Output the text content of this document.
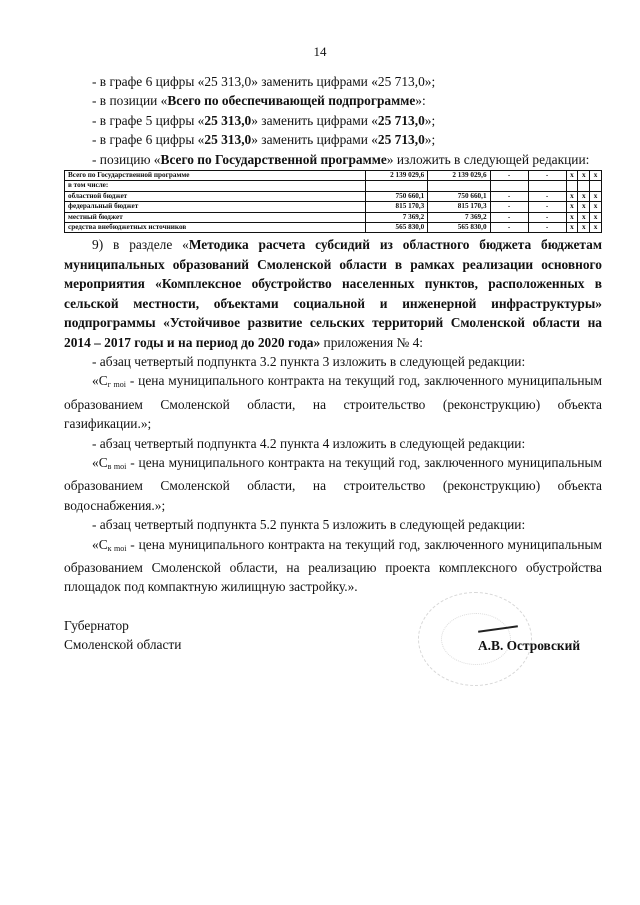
14

- в графе 6 цифры «25 313,0» заменить цифрами «25 713,0»;

- в позиции «Всего по обеспечивающей подпрограмме»:

- в графе 5 цифры «25 313,0» заменить цифрами «25 713,0»;

- в графе 6 цифры «25 313,0» заменить цифрами «25 713,0»;

- позицию «Всего по Государственной программе» изложить в следующей редакции:

Всего по Государственной программе	2 139 029,6	2 139 029,6	-	-	x	x	x
в том числе:							
областной бюджет	750 660,1	750 660,1	-	-	x	x	x
федеральный бюджет	815 170,3	815 170,3	-	-	x	x	x
местный бюджет	7 369,2	7 369,2	-	-	x	x	x
средства внебюджетных источников	565 830,0	565 830,0	-	-	x	x	x

9) в разделе «Методика расчета субсидий из областного бюджета бюджетам муниципальных образований Смоленской области в рамках реализации основного мероприятия «Комплексное обустройство населенных пунктов, расположенных в сельской местности, объектами социальной и инженерной инфраструктуры» подпрограммы «Устойчивое развитие сельских территорий Смоленской области на 2014 – 2017 годы и на период до 2020 года» приложения № 4:

- абзац четвертый подпункта 3.2 пункта 3 изложить в следующей редакции:

«$С_{г moi}$ - цена муниципального контракта на текущий год, заключенного муниципальным образованием Смоленской области, на строительство (реконструкцию) объекта газификации.»;

- абзац четвертый подпункта 4.2 пункта 4 изложить в следующей редакции:

«$С_{в moi}$ - цена муниципального контракта на текущий год, заключенного муниципальным образованием Смоленской области, на строительство (реконструкцию) объекта водоснабжения.»;

- абзац четвертый подпункта 5.2 пункта 5 изложить в следующей редакции:

«$С_{к moi}$ - цена муниципального контракта на текущий год, заключенного муниципальным образованием Смоленской области, на реализацию проекта комплексного обустройства площадок под компактную жилищную застройку.».

Губернатор
Смоленской области	А.В. Островский
